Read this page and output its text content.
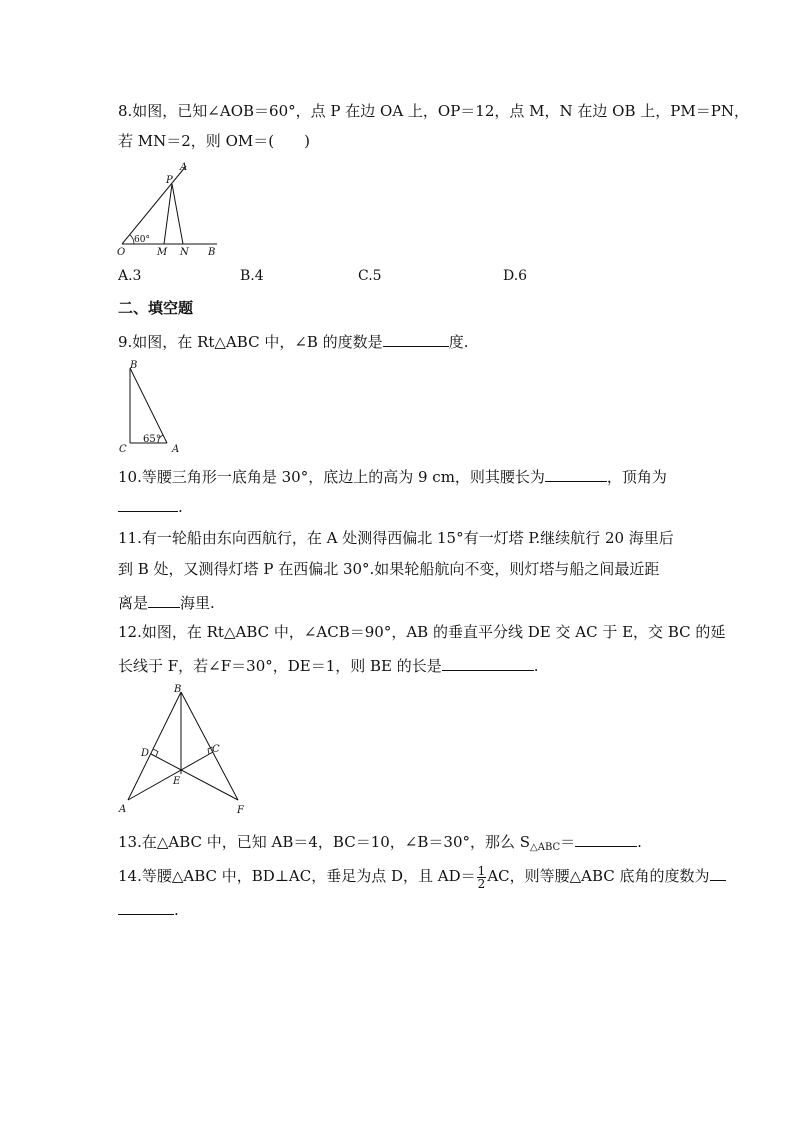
8.如图，已知∠AOB＝60°，点 P 在边 OA 上，OP＝12，点 M，N 在边 OB 上，PM＝PN，
若 MN＝2，则 OM＝(　　)
A
P
O	M N B
60°
A.3	B.4	C.5	D.6
二、填空题
9.如图，在 Rt△ABC 中，∠B 的度数是	度.
B
C	A
65°
10.等腰三角形一底角是 30°，底边上的高为 9 cm，则其腰长为	，顶角为
.
11.有一轮船由东向西航行，在 A 处测得西偏北 15°有一灯塔 P.继续航行 20 海里后
到 B 处，又测得灯塔 P 在西偏北 30°.如果轮船航向不变，则灯塔与船之间最近距
离是 海里.
12.如图，在 Rt△ABC 中，∠ACB＝90°，AB 的垂直平分线 DE 交 AC 于 E，交 BC 的延
长线于 F，若∠F＝30°，DE＝1，则 BE 的长是	.
B
D	C
E
A	F
13.在△ABC 中，已知 AB＝4，BC＝10，∠B＝30°，那么 $S_{\triangle ABC}=$	.
14.等腰△ABC 中，BD⊥AC，垂足为点 D，且 $AD= \frac{1}{2}$ AC，则等腰△ABC 底角的度数为
.
